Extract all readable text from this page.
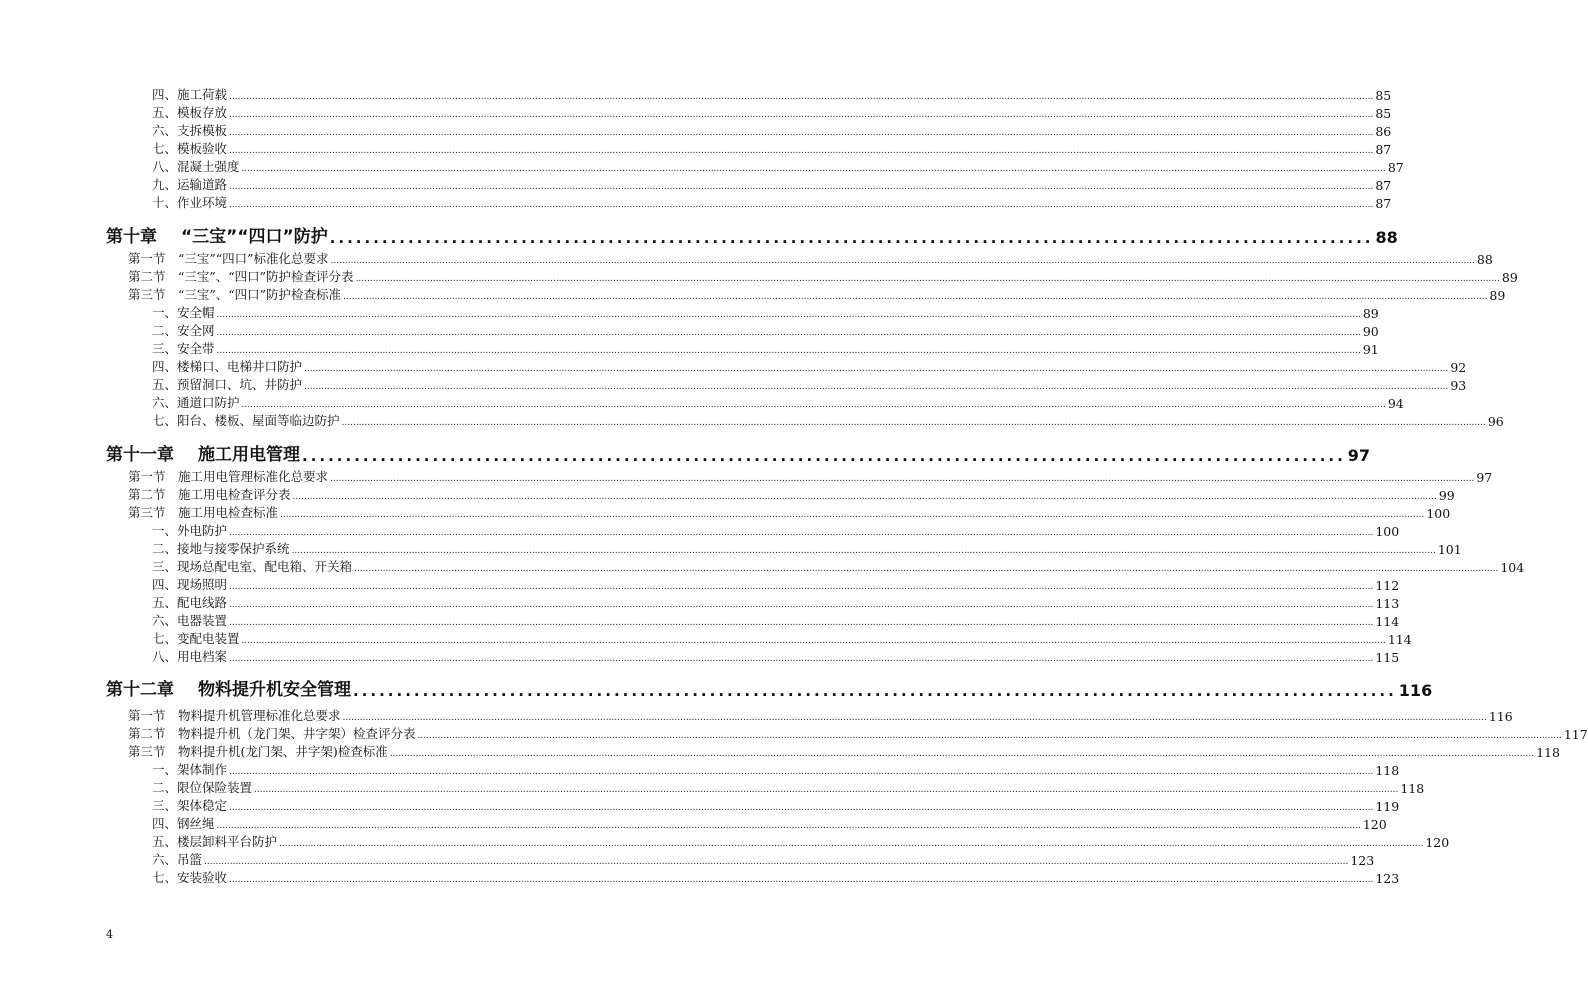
四、施工荷载 ................................................................................................................................................................................................................................................................................................................................................................................................................ 85
五、模板存放 ................................................................................................................................................................................................................................................................................................................................................................................................................ 85
六、支拆模板 ................................................................................................................................................................................................................................................................................................................................................................................................................ 86
七、模板验收 ................................................................................................................................................................................................................................................................................................................................................................................................................ 87
八、混凝土强度 ................................................................................................................................................................................................................................................................................................................................................................................................................ 87
九、运输道路 ................................................................................................................................................................................................................................................................................................................................................................................................................ 87
十、作业环境 ................................................................................................................................................................................................................................................................................................................................................................................................................ 87
第十章 “三宝”“四口”防护 ........................................................................................................................ 88
第一节 “三宝”“四口”标准化总要求 ................................................................................................................................................................................................................................................................................................................................................................................................................ 88
第二节 “三宝”、“四口”防护检查评分表 ................................................................................................................................................................................................................................................................................................................................................................................................................ 89
第三节 “三宝”、“四口”防护检查标准 ................................................................................................................................................................................................................................................................................................................................................................................................................ 89
一、安全帽 ................................................................................................................................................................................................................................................................................................................................................................................................................ 89
二、安全网 ................................................................................................................................................................................................................................................................................................................................................................................................................ 90
三、安全带 ................................................................................................................................................................................................................................................................................................................................................................................................................ 91
四、楼梯口、电梯井口防护 ................................................................................................................................................................................................................................................................................................................................................................................................................ 92
五、预留洞口、坑、井防护 ................................................................................................................................................................................................................................................................................................................................................................................................................ 93
六、通道口防护 ................................................................................................................................................................................................................................................................................................................................................................................................................ 94
七、阳台、楼板、屋面等临边防护 ................................................................................................................................................................................................................................................................................................................................................................................................................ 96
第十一章 施工用电管理 ........................................................................................................................ 97
第一节 施工用电管理标准化总要求 ................................................................................................................................................................................................................................................................................................................................................................................................................ 97
第二节 施工用电检查评分表 ................................................................................................................................................................................................................................................................................................................................................................................................................ 99
第三节 施工用电检查标准 ................................................................................................................................................................................................................................................................................................................................................................................................................ 100
一、外电防护 ................................................................................................................................................................................................................................................................................................................................................................................................................ 100
二、接地与接零保护系统 ................................................................................................................................................................................................................................................................................................................................................................................................................ 101
三、现场总配电室、配电箱、开关箱 ................................................................................................................................................................................................................................................................................................................................................................................................................ 104
四、现场照明 ................................................................................................................................................................................................................................................................................................................................................................................................................ 112
五、配电线路 ................................................................................................................................................................................................................................................................................................................................................................................................................ 113
六、电器装置 ................................................................................................................................................................................................................................................................................................................................................................................................................ 114
七、变配电装置 ................................................................................................................................................................................................................................................................................................................................................................................................................ 114
八、用电档案 ................................................................................................................................................................................................................................................................................................................................................................................................................ 115
第十二章 物料提升机安全管理 ........................................................................................................................ 116
第一节 物料提升机管理标准化总要求 ................................................................................................................................................................................................................................................................................................................................................................................................................ 116
第二节 物料提升机（龙门架、井字架）检查评分表 ................................................................................................................................................................................................................................................................................................................................................................................................................ 117
第三节 物料提升机(龙门架、井字架)检查标准 ................................................................................................................................................................................................................................................................................................................................................................................................................ 118
一、架体制作 ................................................................................................................................................................................................................................................................................................................................................................................................................ 118
二、限位保险装置 ................................................................................................................................................................................................................................................................................................................................................................................................................ 118
三、架体稳定 ................................................................................................................................................................................................................................................................................................................................................................................................................ 119
四、钢丝绳 ................................................................................................................................................................................................................................................................................................................................................................................................................ 120
五、楼层卸料平台防护 ................................................................................................................................................................................................................................................................................................................................................................................................................ 120
六、吊篮 ................................................................................................................................................................................................................................................................................................................................................................................................................ 123
七、安装验收 ................................................................................................................................................................................................................................................................................................................................................................................................................ 123
4
